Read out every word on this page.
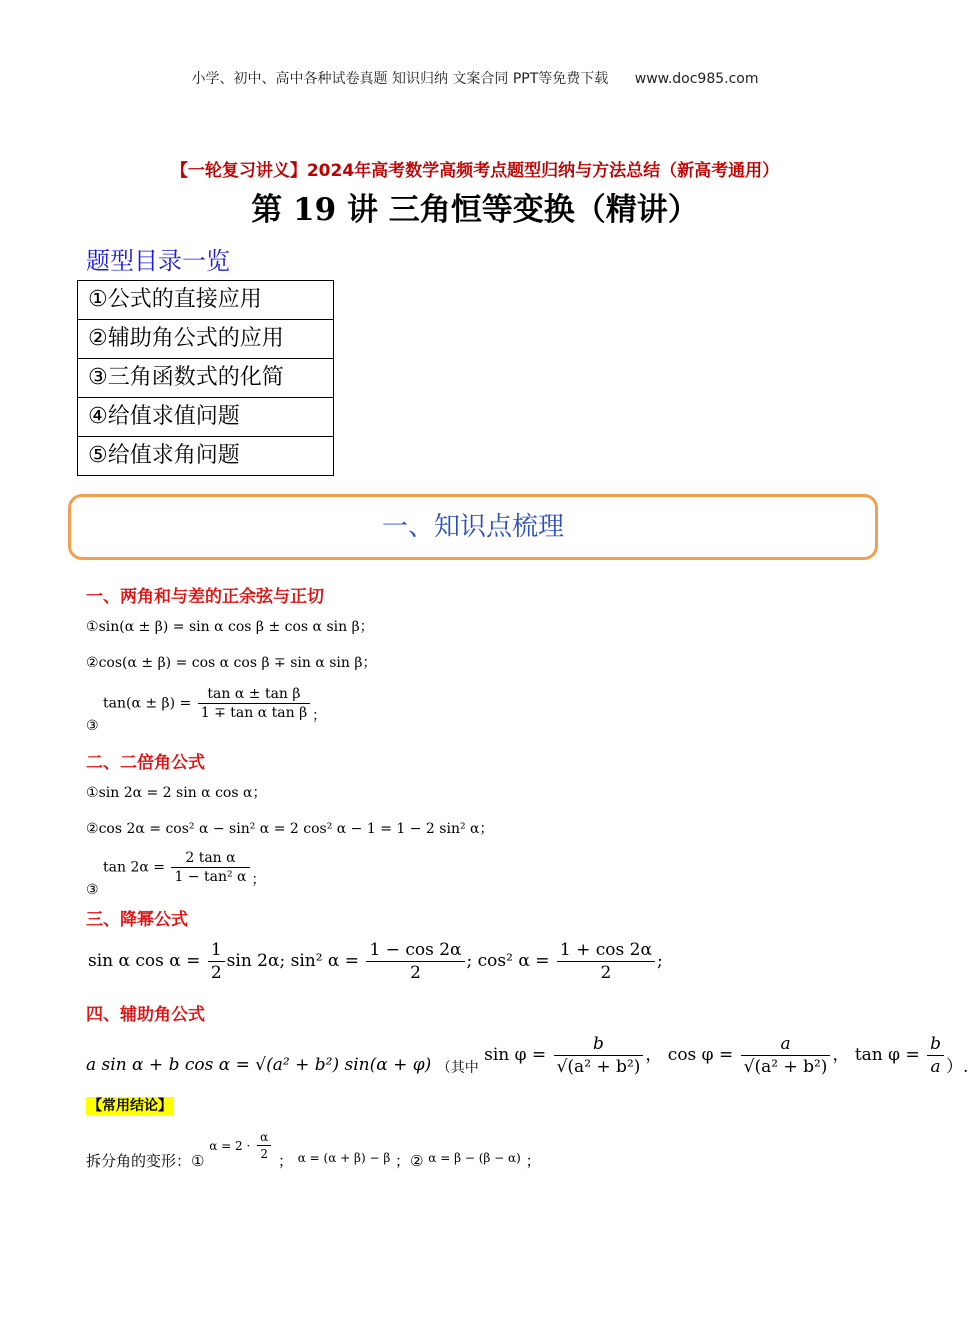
小学、初中、高中各种试卷真题 知识归纳 文案合同 PPT等免费下载 www.doc985.com
【一轮复习讲义】2024年高考数学高频考点题型归纳与方法总结（新高考通用）
第 19 讲 三角恒等变换（精讲）
题型目录一览
①公式的直接应用
②辅助角公式的应用
③三角函数式的化简
④给值求值问题
⑤给值求角问题
一、知识点梳理
一、两角和与差的正余弦与正切
①sin(α ± β) = sin α cos β ± cos α sin β；
②cos(α ± β) = cos α cos β ∓ sin α sin β；
③ $\tan(\alpha \pm \beta) = \frac{\text{tan α ± tan β}}{\text{1 ∓ tan α tan β}}$ ；
二、二倍角公式
①sin 2α = 2 sin α cos α；
②cos 2α = cos² α − sin² α = 2 cos² α − 1 = 1 − 2 sin² α；
③ $\tan 2\alpha = \frac{\text{2 tan α}}{\text{1 − tan² α}}$ ；
三、降幂公式
sin α $\cos \alpha = \frac{1}{2}$ sin 2α; sin² $\alpha = \frac{1 - \cos 2\alpha}{2}$ ; cos² $\alpha = \frac{1 + \cos 2\alpha}{2}$ ;
四、辅助角公式
a sin α + b cos α = √(a² + b²) sin(α + φ) $_{(其中}$ $\sin \varphi = \frac{b}{\text{√(a² + b²)}}$ ， $\cos \varphi = \frac{a}{\text{√(a² + b²)}}$ ， $\tan \varphi = \frac{b}{a}$ ）.
【常用结论】
拆分角的变形：① $\alpha = 2 \cdot \frac{\alpha}{2}$ ； $_{\alpha = (\alpha + \beta) - \beta}$ ；② $_{\alpha = \beta - (\beta - \alpha)}$ ；
